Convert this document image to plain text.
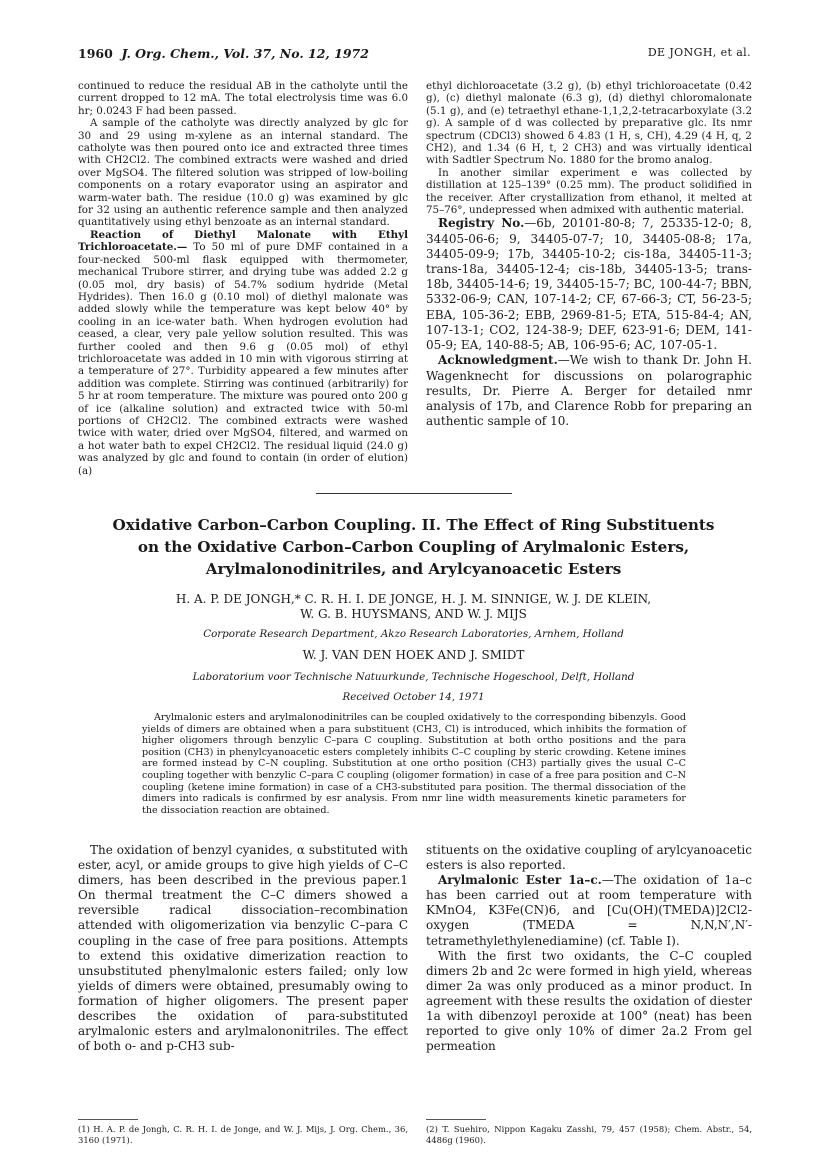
1960 J. Org. Chem., Vol. 37, No. 12, 1972	DE JONGH, et al.

continued to reduce the residual AB in the catholyte until the current dropped to 12 mA. The total electrolysis time was 6.0 hr; 0.0243 F had been passed.

A sample of the catholyte was directly analyzed by glc for 30 and 29 using m-xylene as an internal standard. The catholyte was then poured onto ice and extracted three times with CH2Cl2. The combined extracts were washed and dried over MgSO4. The filtered solution was stripped of low-boiling components on a rotary evaporator using an aspirator and warm-water bath. The residue (10.0 g) was examined by glc for 32 using an authentic reference sample and then analyzed quantitatively using ethyl benzoate as an internal standard.

Reaction of Diethyl Malonate with Ethyl Trichloroacetate.— To 50 ml of pure DMF contained in a four-necked 500-ml flask equipped with thermometer, mechanical Trubore stirrer, and drying tube was added 2.2 g (0.05 mol, dry basis) of 54.7% sodium hydride (Metal Hydrides). Then 16.0 g (0.10 mol) of diethyl malonate was added slowly while the temperature was kept below 40° by cooling in an ice-water bath. When hydrogen evolution had ceased, a clear, very pale yellow solution resulted. This was further cooled and then 9.6 g (0.05 mol) of ethyl trichloroacetate was added in 10 min with vigorous stirring at a temperature of 27°. Turbidity appeared a few minutes after addition was complete. Stirring was continued (arbitrarily) for 5 hr at room temperature. The mixture was poured onto 200 g of ice (alkaline solution) and extracted twice with 50-ml portions of CH2Cl2. The combined extracts were washed twice with water, dried over MgSO4, filtered, and warmed on a hot water bath to expel CH2Cl2. The residual liquid (24.0 g) was analyzed by glc and found to contain (in order of elution) (a)

ethyl dichloroacetate (3.2 g), (b) ethyl trichloroacetate (0.42 g), (c) diethyl malonate (6.3 g), (d) diethyl chloromalonate (5.1 g), and (e) tetraethyl ethane-1,1,2,2-tetracarboxylate (3.2 g). A sample of d was collected by preparative glc. Its nmr spectrum (CDCl3) showed δ 4.83 (1 H, s, CH), 4.29 (4 H, q, 2 CH2), and 1.34 (6 H, t, 2 CH3) and was virtually identical with Sadtler Spectrum No. 1880 for the bromo analog.

In another similar experiment e was collected by distillation at 125–139° (0.25 mm). The product solidified in the receiver. After crystallization from ethanol, it melted at 75–76°, undepressed when admixed with authentic material.

Registry No.—6b, 20101-80-8; 7, 25335-12-0; 8, 34405-06-6; 9, 34405-07-7; 10, 34405-08-8; 17a, 34405-09-9; 17b, 34405-10-2; cis-18a, 34405-11-3; trans-18a, 34405-12-4; cis-18b, 34405-13-5; trans-18b, 34405-14-6; 19, 34405-15-7; BC, 100-44-7; BBN, 5332-06-9; CAN, 107-14-2; CF, 67-66-3; CT, 56-23-5; EBA, 105-36-2; EBB, 2969-81-5; ETA, 515-84-4; AN, 107-13-1; CO2, 124-38-9; DEF, 623-91-6; DEM, 141-05-9; EA, 140-88-5; AB, 106-95-6; AC, 107-05-1.

Acknowledgment.—We wish to thank Dr. John H. Wagenknecht for discussions on polarographic results, Dr. Pierre A. Berger for detailed nmr analysis of 17b, and Clarence Robb for preparing an authentic sample of 10.

Oxidative Carbon–Carbon Coupling. II. The Effect of Ring Substituents
on the Oxidative Carbon–Carbon Coupling of Arylmalonic Esters,
Arylmalonodinitriles, and Arylcyanoacetic Esters
H. A. P. DE JONGH,* C. R. H. I. DE JONGE, H. J. M. SINNIGE, W. J. DE KLEIN,
W. G. B. HUYSMANS, AND W. J. MIJS
Corporate Research Department, Akzo Research Laboratories, Arnhem, Holland
W. J. VAN DEN HOEK AND J. SMIDT
Laboratorium voor Technische Natuurkunde, Technische Hogeschool, Delft, Holland
Received October 14, 1971
Arylmalonic esters and arylmalonodinitriles can be coupled oxidatively to the corresponding bibenzyls. Good yields of dimers are obtained when a para substituent (CH3, Cl) is introduced, which inhibits the formation of higher oligomers through benzylic C–para C coupling. Substitution at both ortho positions and the para position (CH3) in phenylcyanoacetic esters completely inhibits C–C coupling by steric crowding. Ketene imines are formed instead by C–N coupling. Substitution at one ortho position (CH3) partially gives the usual C–C coupling together with benzylic C–para C coupling (oligomer formation) in case of a free para position and C–N coupling (ketene imine formation) in case of a CH3-substituted para position. The thermal dissociation of the dimers into radicals is confirmed by esr analysis. From nmr line width measurements kinetic parameters for the dissociation reaction are obtained.

The oxidation of benzyl cyanides, α substituted with ester, acyl, or amide groups to give high yields of C–C dimers, has been described in the previous paper.1 On thermal treatment the C–C dimers showed a reversible radical dissociation–recombination attended with oligomerization via benzylic C–para C coupling in the case of free para positions. Attempts to extend this oxidative dimerization reaction to unsubstituted phenylmalonic esters failed; only low yields of dimers were obtained, presumably owing to formation of higher oligomers. The present paper describes the oxidation of para-substituted arylmalonic esters and arylmalononitriles. The effect of both o- and p-CH3 sub-

stituents on the oxidative coupling of arylcyanoacetic esters is also reported.

Arylmalonic Ester 1a–c.—The oxidation of 1a–c has been carried out at room temperature with KMnO4, K3Fe(CN)6, and [Cu(OH)(TMEDA)]2Cl2-oxygen (TMEDA = N,N,N′,N′-tetramethylethylenediamine) (cf. Table I).

With the first two oxidants, the C–C coupled dimers 2b and 2c were formed in high yield, whereas dimer 2a was only produced as a minor product. In agreement with these results the oxidation of diester 1a with dibenzoyl peroxide at 100° (neat) has been reported to give only 10% of dimer 2a.2 From gel permeation

(1) H. A. P. de Jongh, C. R. H. I. de Jonge, and W. J. Mijs, J. Org. Chem., 36, 3160 (1971).
(2) T. Suehiro, Nippon Kagaku Zasshi, 79, 457 (1958); Chem. Abstr., 54, 4486g (1960).
